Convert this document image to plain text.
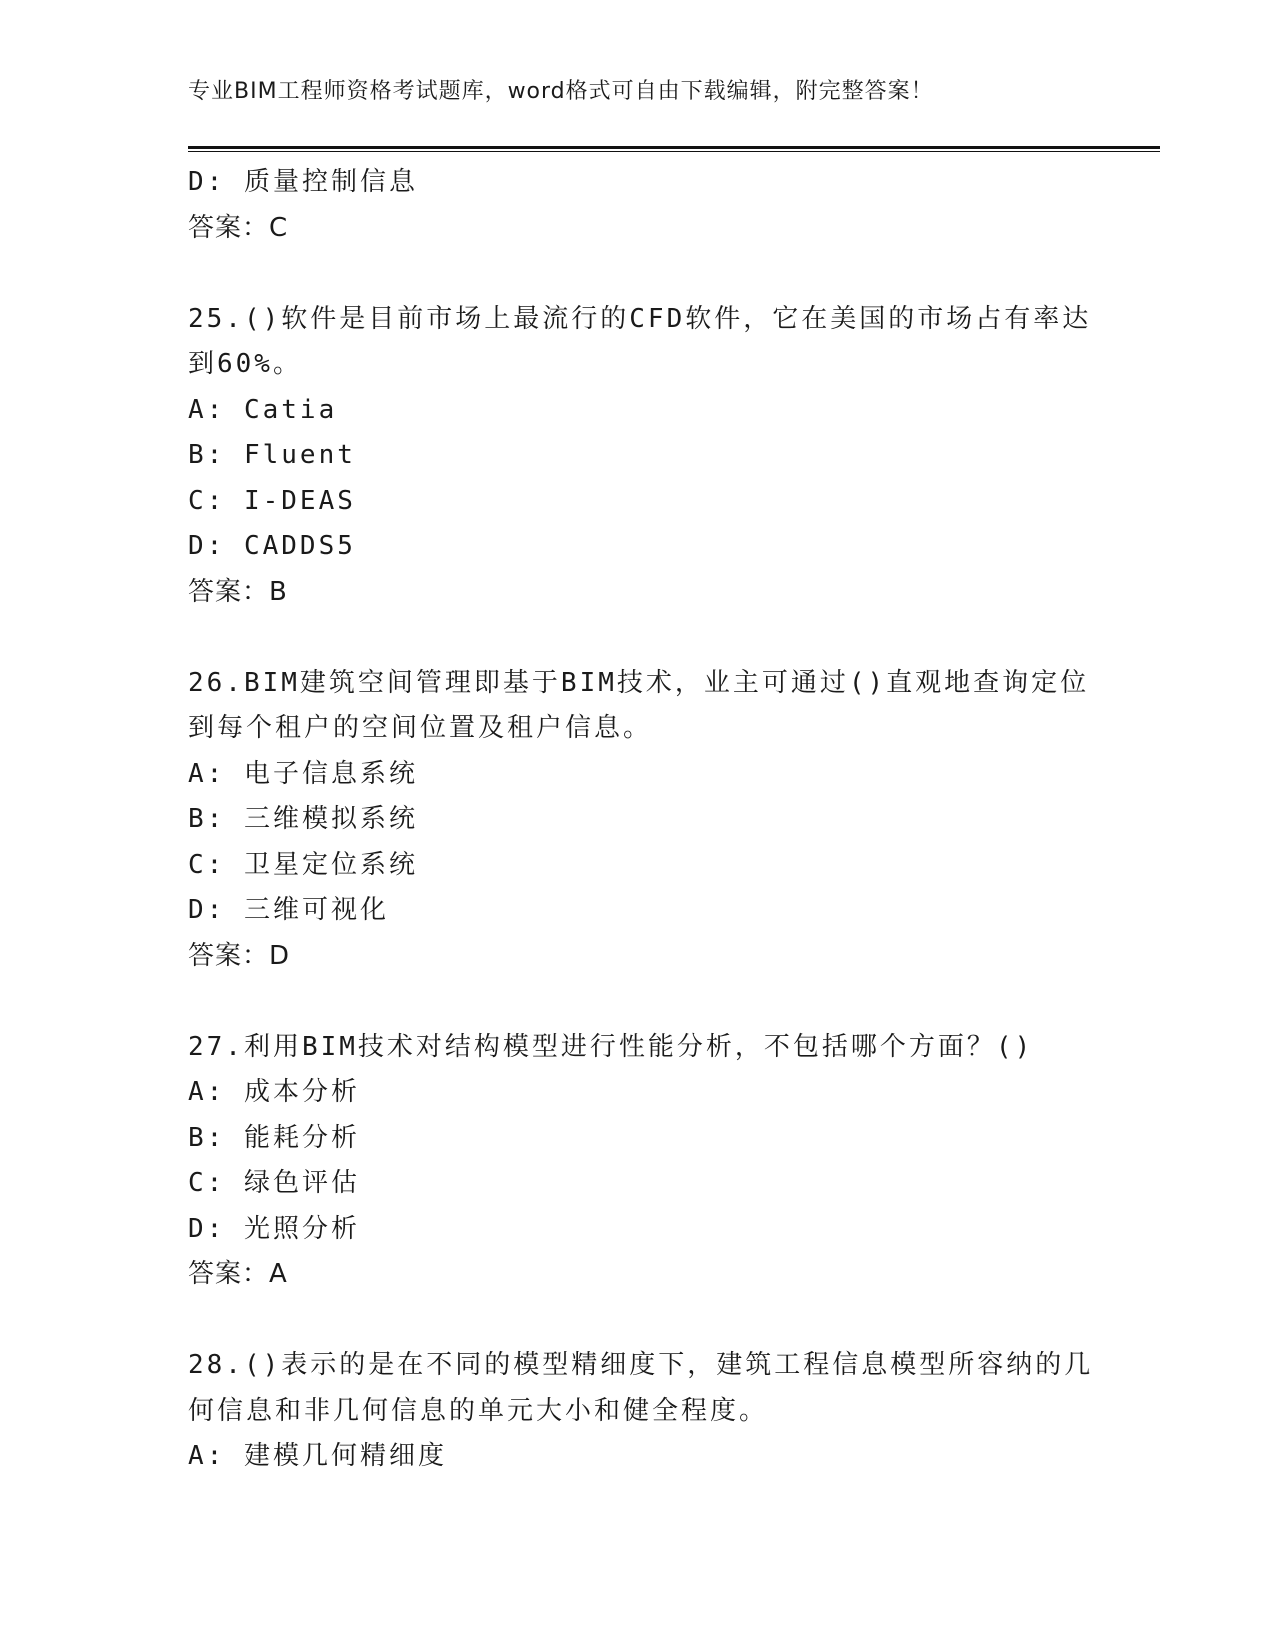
专业BIM工程师资格考试题库，word格式可自由下载编辑，附完整答案！
D: 质量控制信息
答案：C
25.()软件是目前市场上最流行的CFD软件，它在美国的市场占有率达
到60%。
A: Catia
B: Fluent
C: I-DEAS
D: CADDS5
答案：B
26.BIM建筑空间管理即基于BIM技术，业主可通过()直观地查询定位
到每个租户的空间位置及租户信息。
A: 电子信息系统
B: 三维模拟系统
C: 卫星定位系统
D: 三维可视化
答案：D
27.利用BIM技术对结构模型进行性能分析，不包括哪个方面？()
A: 成本分析
B: 能耗分析
C: 绿色评估
D: 光照分析
答案：A
28.()表示的是在不同的模型精细度下，建筑工程信息模型所容纳的几
何信息和非几何信息的单元大小和健全程度。
A: 建模几何精细度
